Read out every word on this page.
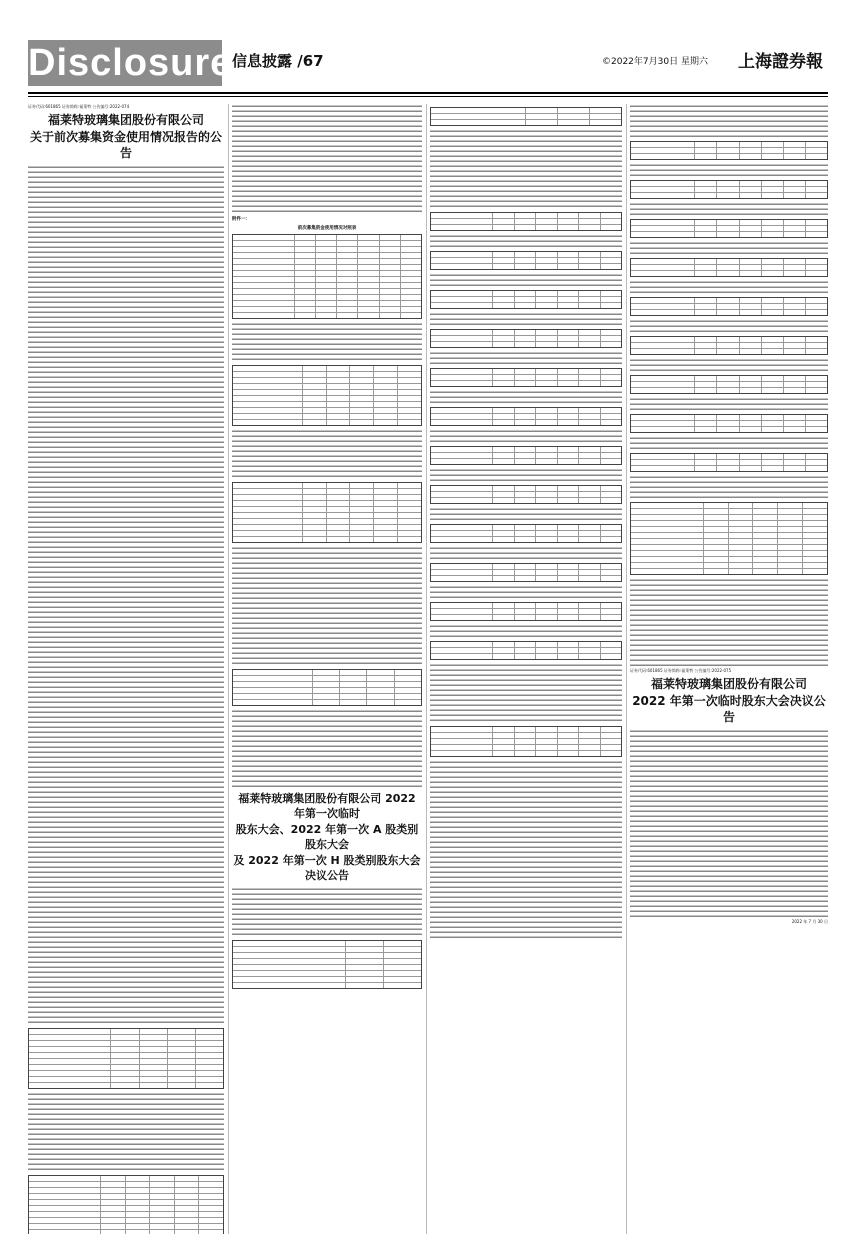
Disclosure 信息披露 /67	©2022年7月30日 星期六 上海證券報
证券代码:601865 证券简称:福莱特 公告编号:2022-074
福莱特玻璃集团股份有限公司
关于前次募集资金使用情况报告的公告
附件一：
前次募集资金使用情况对照表
福莱特玻璃集团股份有限公司 2022 年第一次临时
股东大会、2022 年第一次 A 股类别股东大会
及 2022 年第一次 H 股类别股东大会决议公告
证券代码:601865 证券简称:福莱特 公告编号:2022-075
福莱特玻璃集团股份有限公司
2022 年第一次临时股东大会决议公告
2022 年 7 月 30 日
